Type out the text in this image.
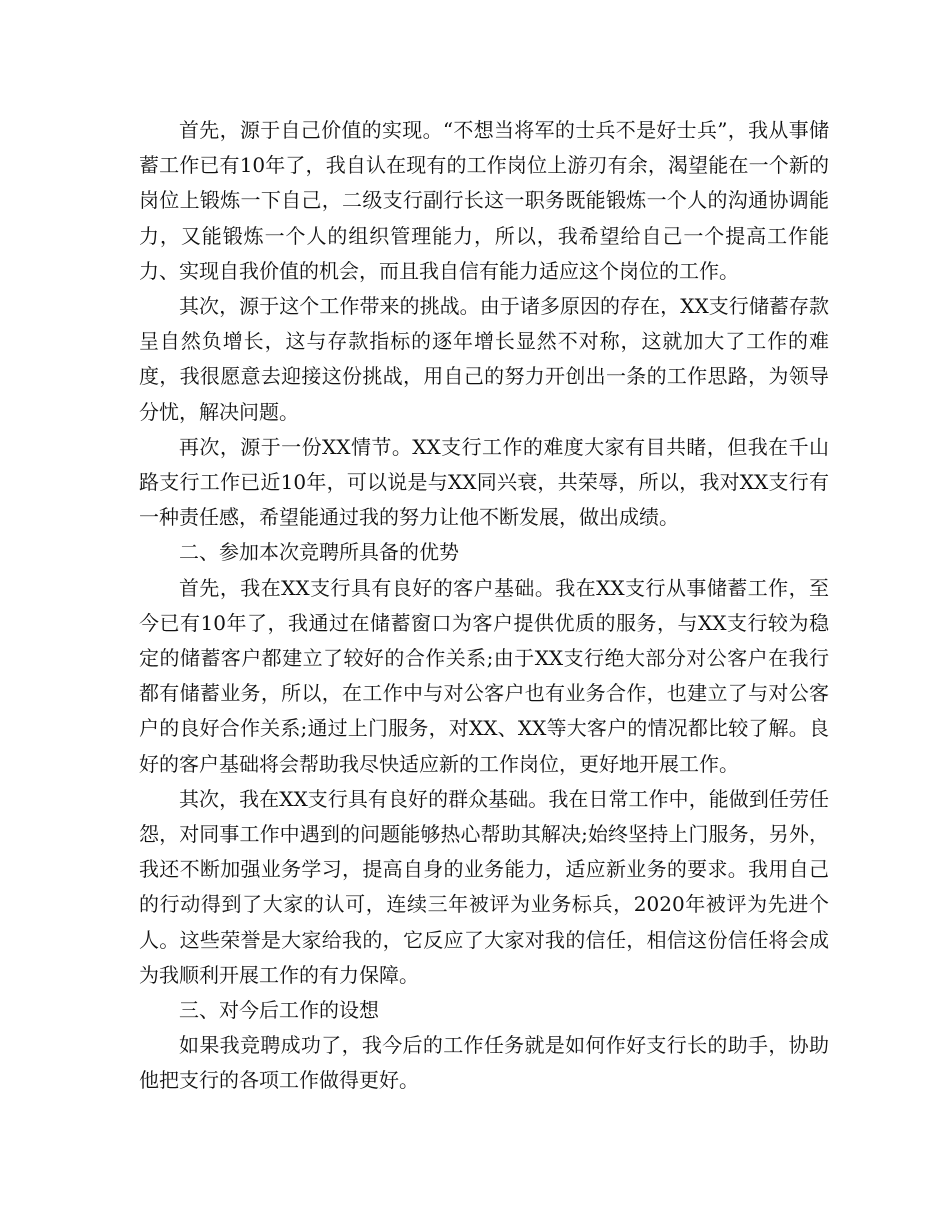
首先，源于自己价值的实现。“不想当将军的士兵不是好士兵”，我从事储蓄工作已有10年了，我自认在现有的工作岗位上游刃有余，渴望能在一个新的岗位上锻炼一下自己，二级支行副行长这一职务既能锻炼一个人的沟通协调能力，又能锻炼一个人的组织管理能力，所以，我希望给自己一个提高工作能力、实现自我价值的机会，而且我自信有能力适应这个岗位的工作。

其次，源于这个工作带来的挑战。由于诸多原因的存在，XX支行储蓄存款呈自然负增长，这与存款指标的逐年增长显然不对称，这就加大了工作的难度，我很愿意去迎接这份挑战，用自己的努力开创出一条的工作思路，为领导分忧，解决问题。

再次，源于一份XX情节。XX支行工作的难度大家有目共睹，但我在千山路支行工作已近10年，可以说是与XX同兴衰，共荣辱，所以，我对XX支行有一种责任感，希望能通过我的努力让他不断发展，做出成绩。

二、参加本次竞聘所具备的优势

首先，我在XX支行具有良好的客户基础。我在XX支行从事储蓄工作，至今已有10年了，我通过在储蓄窗口为客户提供优质的服务，与XX支行较为稳定的储蓄客户都建立了较好的合作关系;由于XX支行绝大部分对公客户在我行都有储蓄业务，所以，在工作中与对公客户也有业务合作，也建立了与对公客户的良好合作关系;通过上门服务，对XX、XX等大客户的情况都比较了解。良好的客户基础将会帮助我尽快适应新的工作岗位，更好地开展工作。

其次，我在XX支行具有良好的群众基础。我在日常工作中，能做到任劳任怨，对同事工作中遇到的问题能够热心帮助其解决;始终坚持上门服务，另外，我还不断加强业务学习，提高自身的业务能力，适应新业务的要求。我用自己的行动得到了大家的认可，连续三年被评为业务标兵，2020年被评为先进个人。这些荣誉是大家给我的，它反应了大家对我的信任，相信这份信任将会成为我顺利开展工作的有力保障。

三、对今后工作的设想

如果我竞聘成功了，我今后的工作任务就是如何作好支行长的助手，协助他把支行的各项工作做得更好。
